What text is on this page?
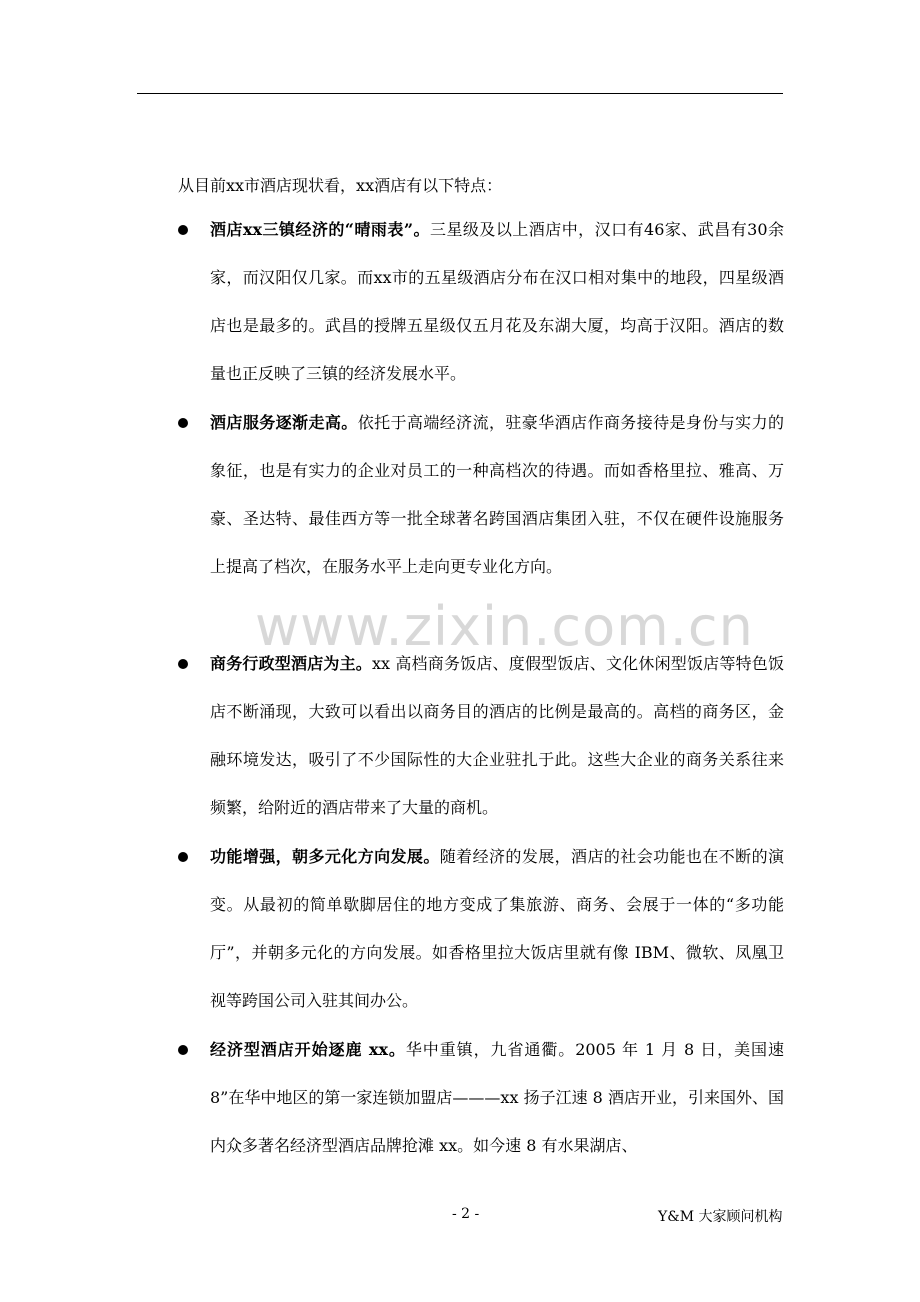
从目前xx市酒店现状看，xx酒店有以下特点：

酒店xx三镇经济的“晴雨表”。三星级及以上酒店中，汉口有46家、武昌有30余家，而汉阳仅几家。而xx市的五星级酒店分布在汉口相对集中的地段，四星级酒店也是最多的。武昌的授牌五星级仅五月花及东湖大厦，均高于汉阳。酒店的数量也正反映了三镇的经济发展水平。

酒店服务逐渐走高。依托于高端经济流，驻豪华酒店作商务接待是身份与实力的象征，也是有实力的企业对员工的一种高档次的待遇。而如香格里拉、雅高、万豪、圣达特、最佳西方等一批全球著名跨国酒店集团入驻，不仅在硬件设施服务上提高了档次，在服务水平上走向更专业化方向。

商务行政型酒店为主。xx 高档商务饭店、度假型饭店、文化休闲型饭店等特色饭店不断涌现，大致可以看出以商务目的酒店的比例是最高的。高档的商务区，金融环境发达，吸引了不少国际性的大企业驻扎于此。这些大企业的商务关系往来频繁，给附近的酒店带来了大量的商机。

功能增强，朝多元化方向发展。随着经济的发展，酒店的社会功能也在不断的演变。从最初的简单歇脚居住的地方变成了集旅游、商务、会展于一体的“多功能厅”，并朝多元化的方向发展。如香格里拉大饭店里就有像 IBM、微软、凤凰卫视等跨国公司入驻其间办公。

经济型酒店开始逐鹿 xx。华中重镇，九省通衢。2005 年 1 月 8 日，美国速 8”在华中地区的第一家连锁加盟店———xx 扬子江速 8 酒店开业，引来国外、国内众多著名经济型酒店品牌抢滩 xx。如今速 8 有水果湖店、

www.zixin.com.cn
- 2 -	Y&M 大家顾问机构
